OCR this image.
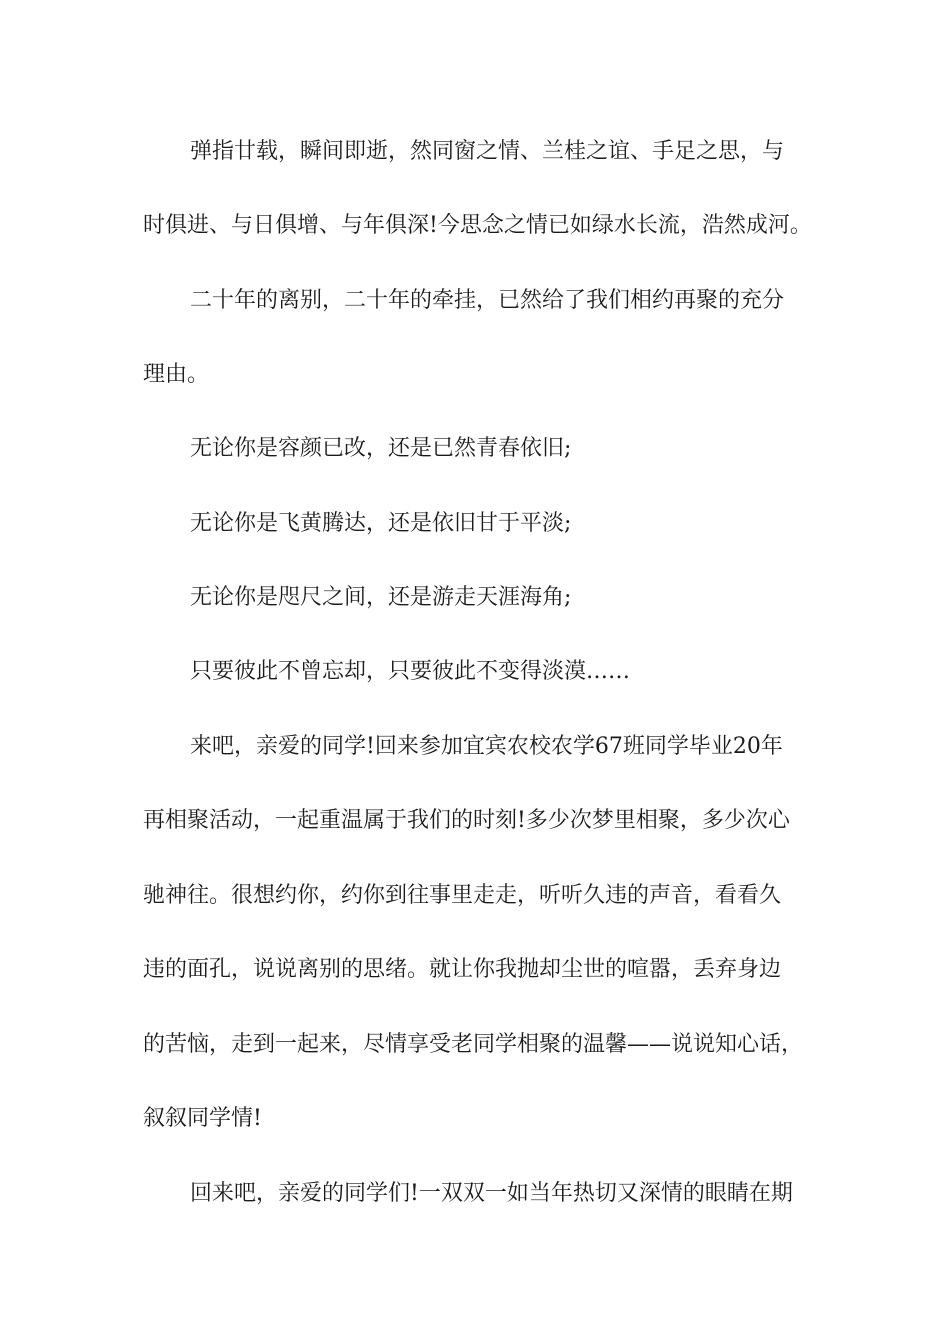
弹指廿载，瞬间即逝，然同窗之情、兰桂之谊、手足之思，与
时俱进、与日俱增、与年俱深!今思念之情已如绿水长流，浩然成河。
二十年的离别，二十年的牵挂，已然给了我们相约再聚的充分
理由。
无论你是容颜已改，还是已然青春依旧;
无论你是飞黄腾达，还是依旧甘于平淡;
无论你是咫尺之间，还是游走天涯海角;
只要彼此不曾忘却，只要彼此不变得淡漠……
来吧，亲爱的同学!回来参加宜宾农校农学67班同学毕业20年
再相聚活动，一起重温属于我们的时刻!多少次梦里相聚，多少次心
驰神往。很想约你，约你到往事里走走，听听久违的声音，看看久
违的面孔，说说离别的思绪。就让你我抛却尘世的喧嚣，丢弃身边
的苦恼，走到一起来，尽情享受老同学相聚的温馨——说说知心话，
叙叙同学情!
回来吧，亲爱的同学们!一双双一如当年热切又深情的眼睛在期
